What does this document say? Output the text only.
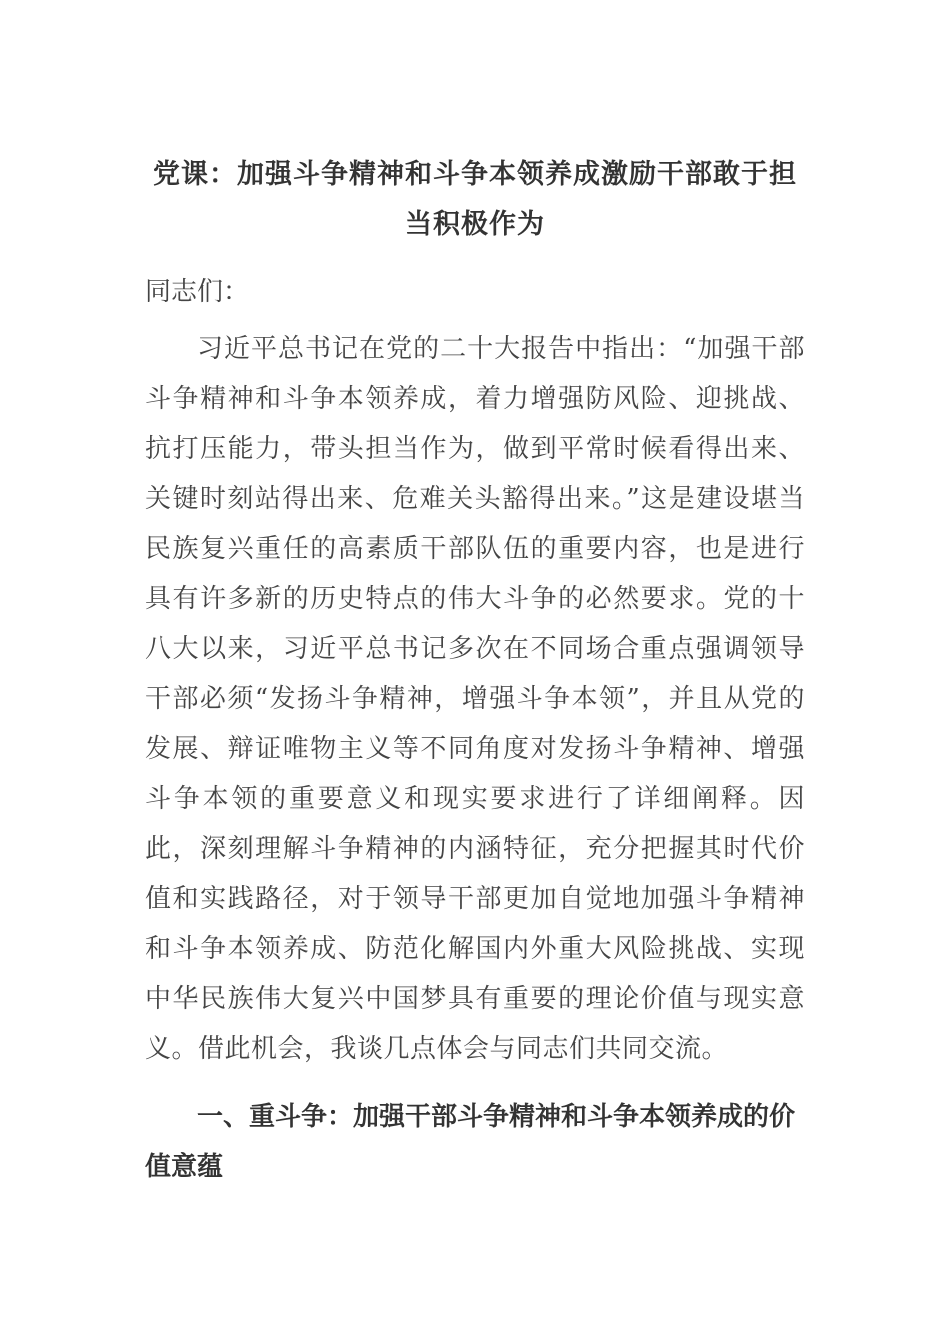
党课：加强斗争精神和斗争本领养成激励干部敢于担当积极作为

同志们：

习近平总书记在党的二十大报告中指出：“加强干部斗争精神和斗争本领养成，着力增强防风险、迎挑战、抗打压能力，带头担当作为，做到平常时候看得出来、关键时刻站得出来、危难关头豁得出来。”这是建设堪当民族复兴重任的高素质干部队伍的重要内容，也是进行具有许多新的历史特点的伟大斗争的必然要求。党的十八大以来，习近平总书记多次在不同场合重点强调领导干部必须“发扬斗争精神，增强斗争本领”，并且从党的发展、辩证唯物主义等不同角度对发扬斗争精神、增强斗争本领的重要意义和现实要求进行了详细阐释。因此，深刻理解斗争精神的内涵特征，充分把握其时代价值和实践路径，对于领导干部更加自觉地加强斗争精神和斗争本领养成、防范化解国内外重大风险挑战、实现中华民族伟大复兴中国梦具有重要的理论价值与现实意义。借此机会，我谈几点体会与同志们共同交流。

一、重斗争：加强干部斗争精神和斗争本领养成的价值意蕴
